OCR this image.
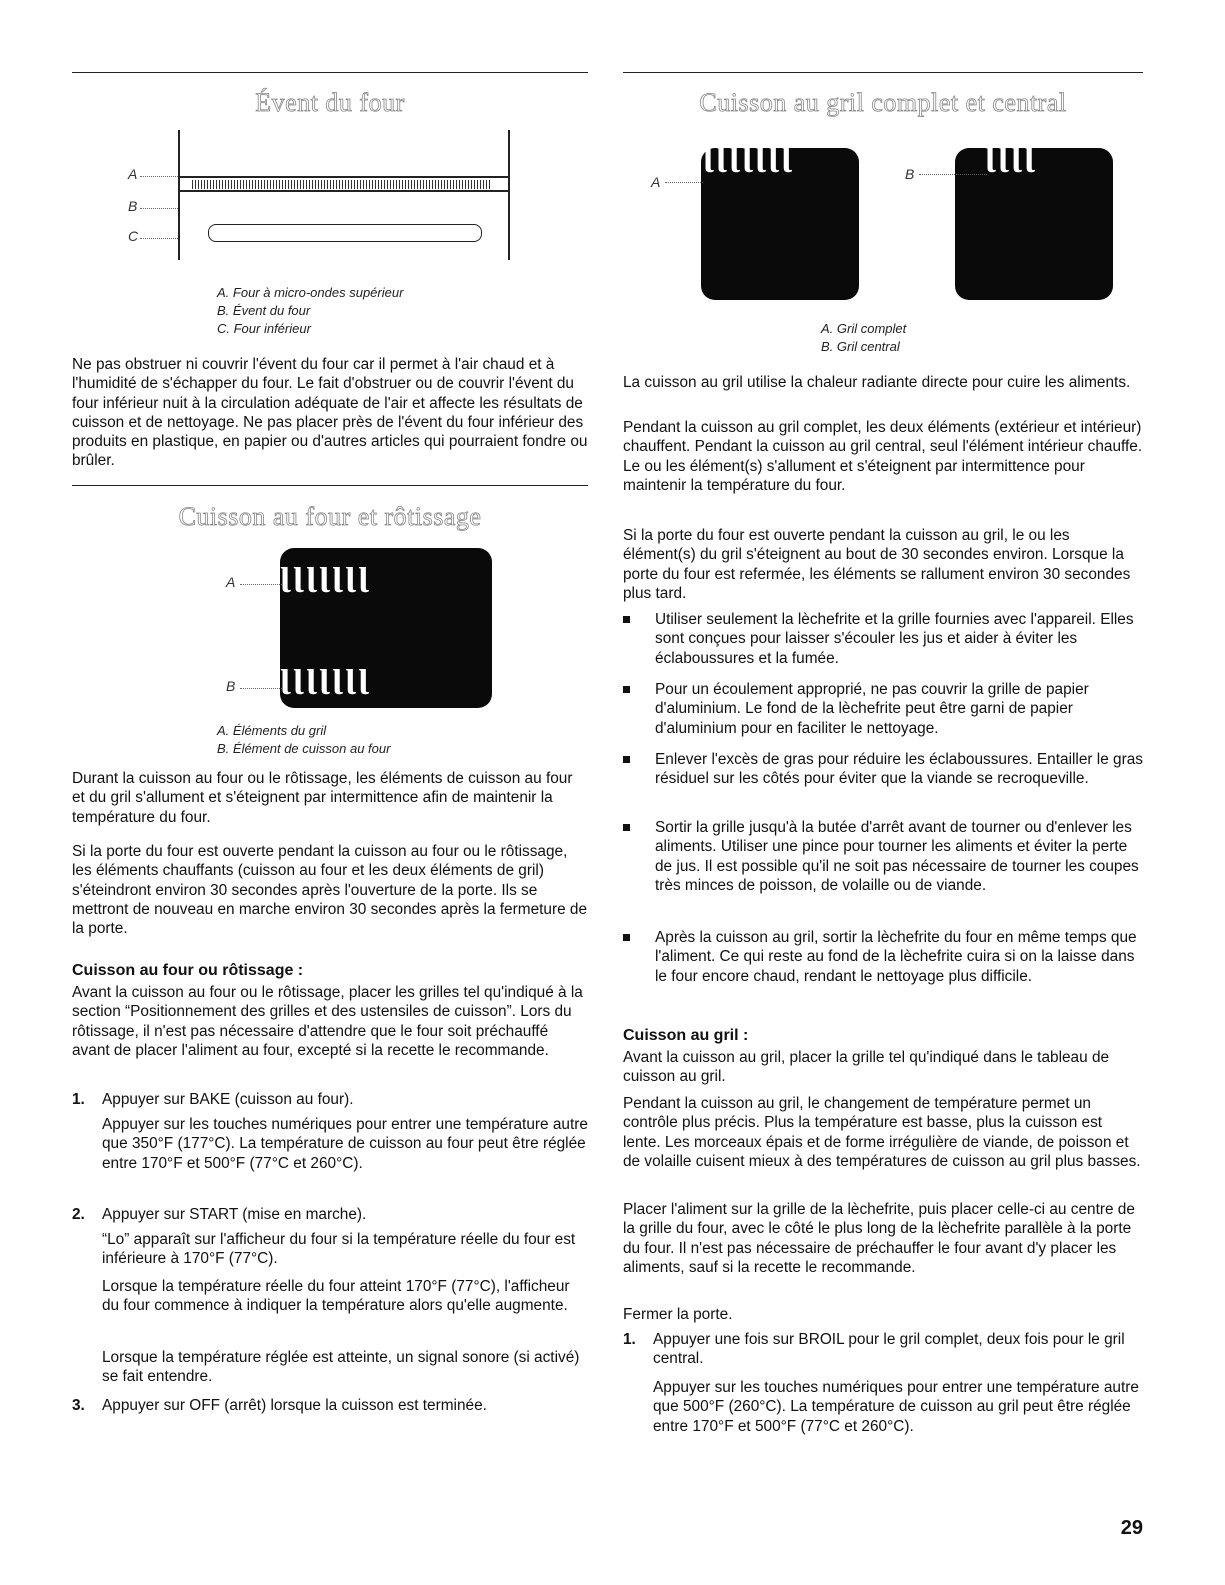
Évent du four
A
B
C
A. Four à micro-ondes supérieur
B. Évent du four
C. Four inférieur

Ne pas obstruer ni couvrir l'évent du four car il permet à l'air chaud et à l'humidité de s'échapper du four. Le fait d'obstruer ou de couvrir l'évent du four inférieur nuit à la circulation adéquate de l'air et affecte les résultats de cuisson et de nettoyage. Ne pas placer près de l'évent du four inférieur des produits en plastique, en papier ou d'autres articles qui pourraient fondre ou brûler.

Cuisson au four et rôtissage
ƖƖƖƖƖƖƖ
ƖƖƖƖƖƖƖ
A
B
A. Éléments du gril
B. Élément de cuisson au four

Durant la cuisson au four ou le rôtissage, les éléments de cuisson au four et du gril s'allument et s'éteignent par intermittence afin de maintenir la température du four.

Si la porte du four est ouverte pendant la cuisson au four ou le rôtissage, les éléments chauffants (cuisson au four et les deux éléments de gril) s'éteindront environ 30 secondes après l'ouverture de la porte. Ils se mettront de nouveau en marche environ 30 secondes après la fermeture de la porte.

Cuisson au four ou rôtissage :

Avant la cuisson au four ou le rôtissage, placer les grilles tel qu'indiqué à la section “Positionnement des grilles et des ustensiles de cuisson”. Lors du rôtissage, il n'est pas nécessaire d'attendre que le four soit préchauffé avant de placer l'aliment au four, excepté si la recette le recommande.

1. Appuyer sur BAKE (cuisson au four).

Appuyer sur les touches numériques pour entrer une température autre que 350°F (177°C). La température de cuisson au four peut être réglée entre 170°F et 500°F (77°C et 260°C).

2. Appuyer sur START (mise en marche).

“Lo” apparaît sur l'afficheur du four si la température réelle du four est inférieure à 170°F (77°C).

Lorsque la température réelle du four atteint 170°F (77°C), l'afficheur du four commence à indiquer la température alors qu'elle augmente.

Lorsque la température réglée est atteinte, un signal sonore (si activé) se fait entendre.

3. Appuyer sur OFF (arrêt) lorsque la cuisson est terminée.
Cuisson au gril complet et central
ƖƖƖƖƖƖƖ
A
ƖƖƖƖ
B
A. Gril complet
B. Gril central

La cuisson au gril utilise la chaleur radiante directe pour cuire les aliments.

Pendant la cuisson au gril complet, les deux éléments (extérieur et intérieur) chauffent. Pendant la cuisson au gril central, seul l'élément intérieur chauffe. Le ou les élément(s) s'allument et s'éteignent par intermittence pour maintenir la température du four.

Si la porte du four est ouverte pendant la cuisson au gril, le ou les élément(s) du gril s'éteignent au bout de 30 secondes environ. Lorsque la porte du four est refermée, les éléments se rallument environ 30 secondes plus tard.

Utiliser seulement la lèchefrite et la grille fournies avec l'appareil. Elles sont conçues pour laisser s'écouler les jus et aider à éviter les éclaboussures et la fumée.
Pour un écoulement approprié, ne pas couvrir la grille de papier d'aluminium. Le fond de la lèchefrite peut être garni de papier d'aluminium pour en faciliter le nettoyage.
Enlever l'excès de gras pour réduire les éclaboussures. Entailler le gras résiduel sur les côtés pour éviter que la viande se recroqueville.
Sortir la grille jusqu'à la butée d'arrêt avant de tourner ou d'enlever les aliments. Utiliser une pince pour tourner les aliments et éviter la perte de jus. Il est possible qu'il ne soit pas nécessaire de tourner les coupes très minces de poisson, de volaille ou de viande.
Après la cuisson au gril, sortir la lèchefrite du four en même temps que l'aliment. Ce qui reste au fond de la lèchefrite cuira si on la laisse dans le four encore chaud, rendant le nettoyage plus difficile.
Cuisson au gril :

Avant la cuisson au gril, placer la grille tel qu'indiqué dans le tableau de cuisson au gril.

Pendant la cuisson au gril, le changement de température permet un contrôle plus précis. Plus la température est basse, plus la cuisson est lente. Les morceaux épais et de forme irrégulière de viande, de poisson et de volaille cuisent mieux à des températures de cuisson au gril plus basses.

Placer l'aliment sur la grille de la lèchefrite, puis placer celle-ci au centre de la grille du four, avec le côté le plus long de la lèchefrite parallèle à la porte du four. Il n'est pas nécessaire de préchauffer le four avant d'y placer les aliments, sauf si la recette le recommande.

Fermer la porte.

1. Appuyer une fois sur BROIL pour le gril complet, deux fois pour le gril central.

Appuyer sur les touches numériques pour entrer une température autre que 500°F (260°C). La température de cuisson au gril peut être réglée entre 170°F et 500°F (77°C et 260°C).

29
